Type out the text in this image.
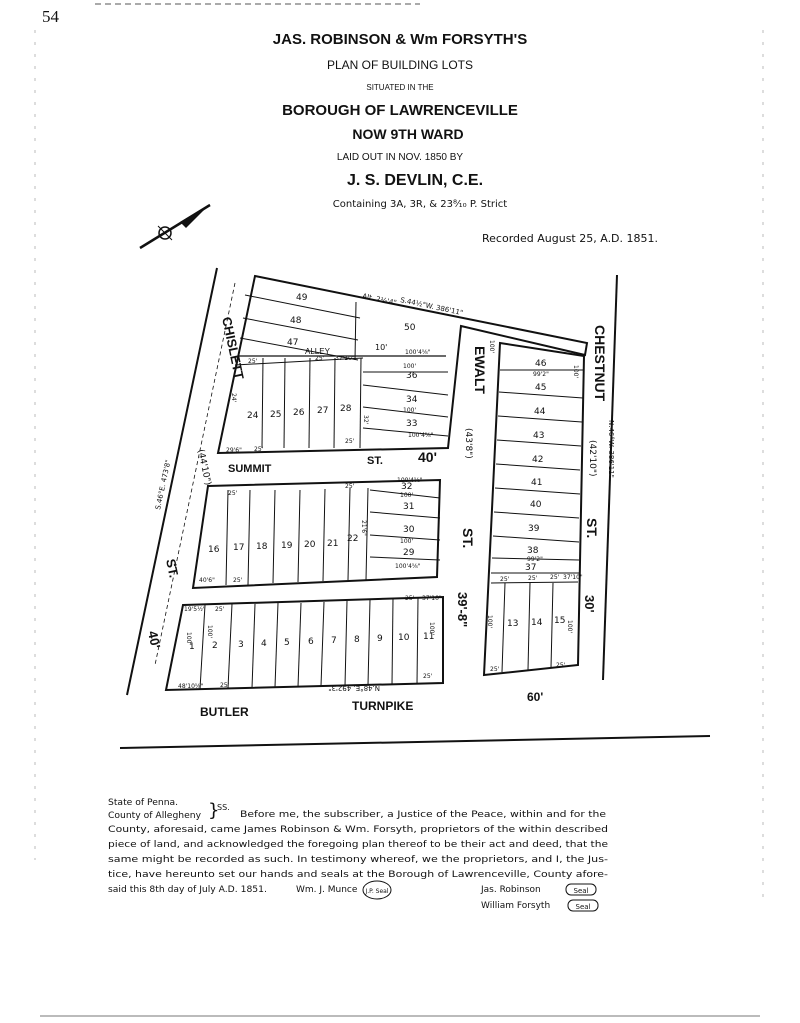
54
JAS. ROBINSON & Wm FORSYTH'S
PLAN OF BUILDING LOTS
SITUATED IN THE
BOROUGH OF LAWRENCEVILLE
NOW 9TH WARD
LAID OUT IN NOV. 1850 BY
J. S. DEVLIN, C.E.
Containing 3A, 3R, & 23⁸⁄₁₀ P. Strict
Recorded August 25, A.D. 1851.
CHISLETT
(44'10")
ST.
40'
S.46°E. 473'8"	SUMMIT
ST.	40'
EWALT
(43'8")
ST.
39'-8"
CHESTNUT
(42'10")
ST.
30'
N.46°W. 386'11"
BUTLER	TURNPIKE
60'
N.48°E. 492'3"
ALLEY	10'
Alt. 2½'4" S.44½°W. 386'11"
1 2 3 4 5 6 7 8 9 10 11
16 17 18 19 20 21 22
32
31
30
29
24 25 26 27 28
36
34
33
49
48
47
50
46
45
44
43
42
41
40
39
38
37
13 14 15
25'
19'5½"
25' 37'10"
48'10⅝"	25'
25'
40'6"	25'
25'
25'
100'4⅝"
100'
100'
100'4⅝"
29'6" 25'
25'
100'4⅝"
25'	25' 37'10"
100'4⅝"
100'
100'
99'2"
99'2"
25'	25' 25' 37'10"
25'
25'
100'
100'	100'
21'6"
24'
32'
100'
100'
100'	100'
State of Penna.
County of Allegheny }
SS.
Before me, the subscriber, a Justice of the Peace, within and for the
County, aforesaid, came James Robinson & Wm. Forsyth, proprietors of the within described
piece of land, and acknowledged the foregoing plan thereof to be their act and deed, that the
same might be recorded as such. In testimony whereof, we the proprietors, and I, the Jus-
tice, have hereunto set our hands and seals at the Borough of Lawrenceville, County afore-
said this 8th day of July A.D. 1851.	Wm. J. Munce J.P. Seal	Jas. Robinson	Seal
William Forsyth	Seal
